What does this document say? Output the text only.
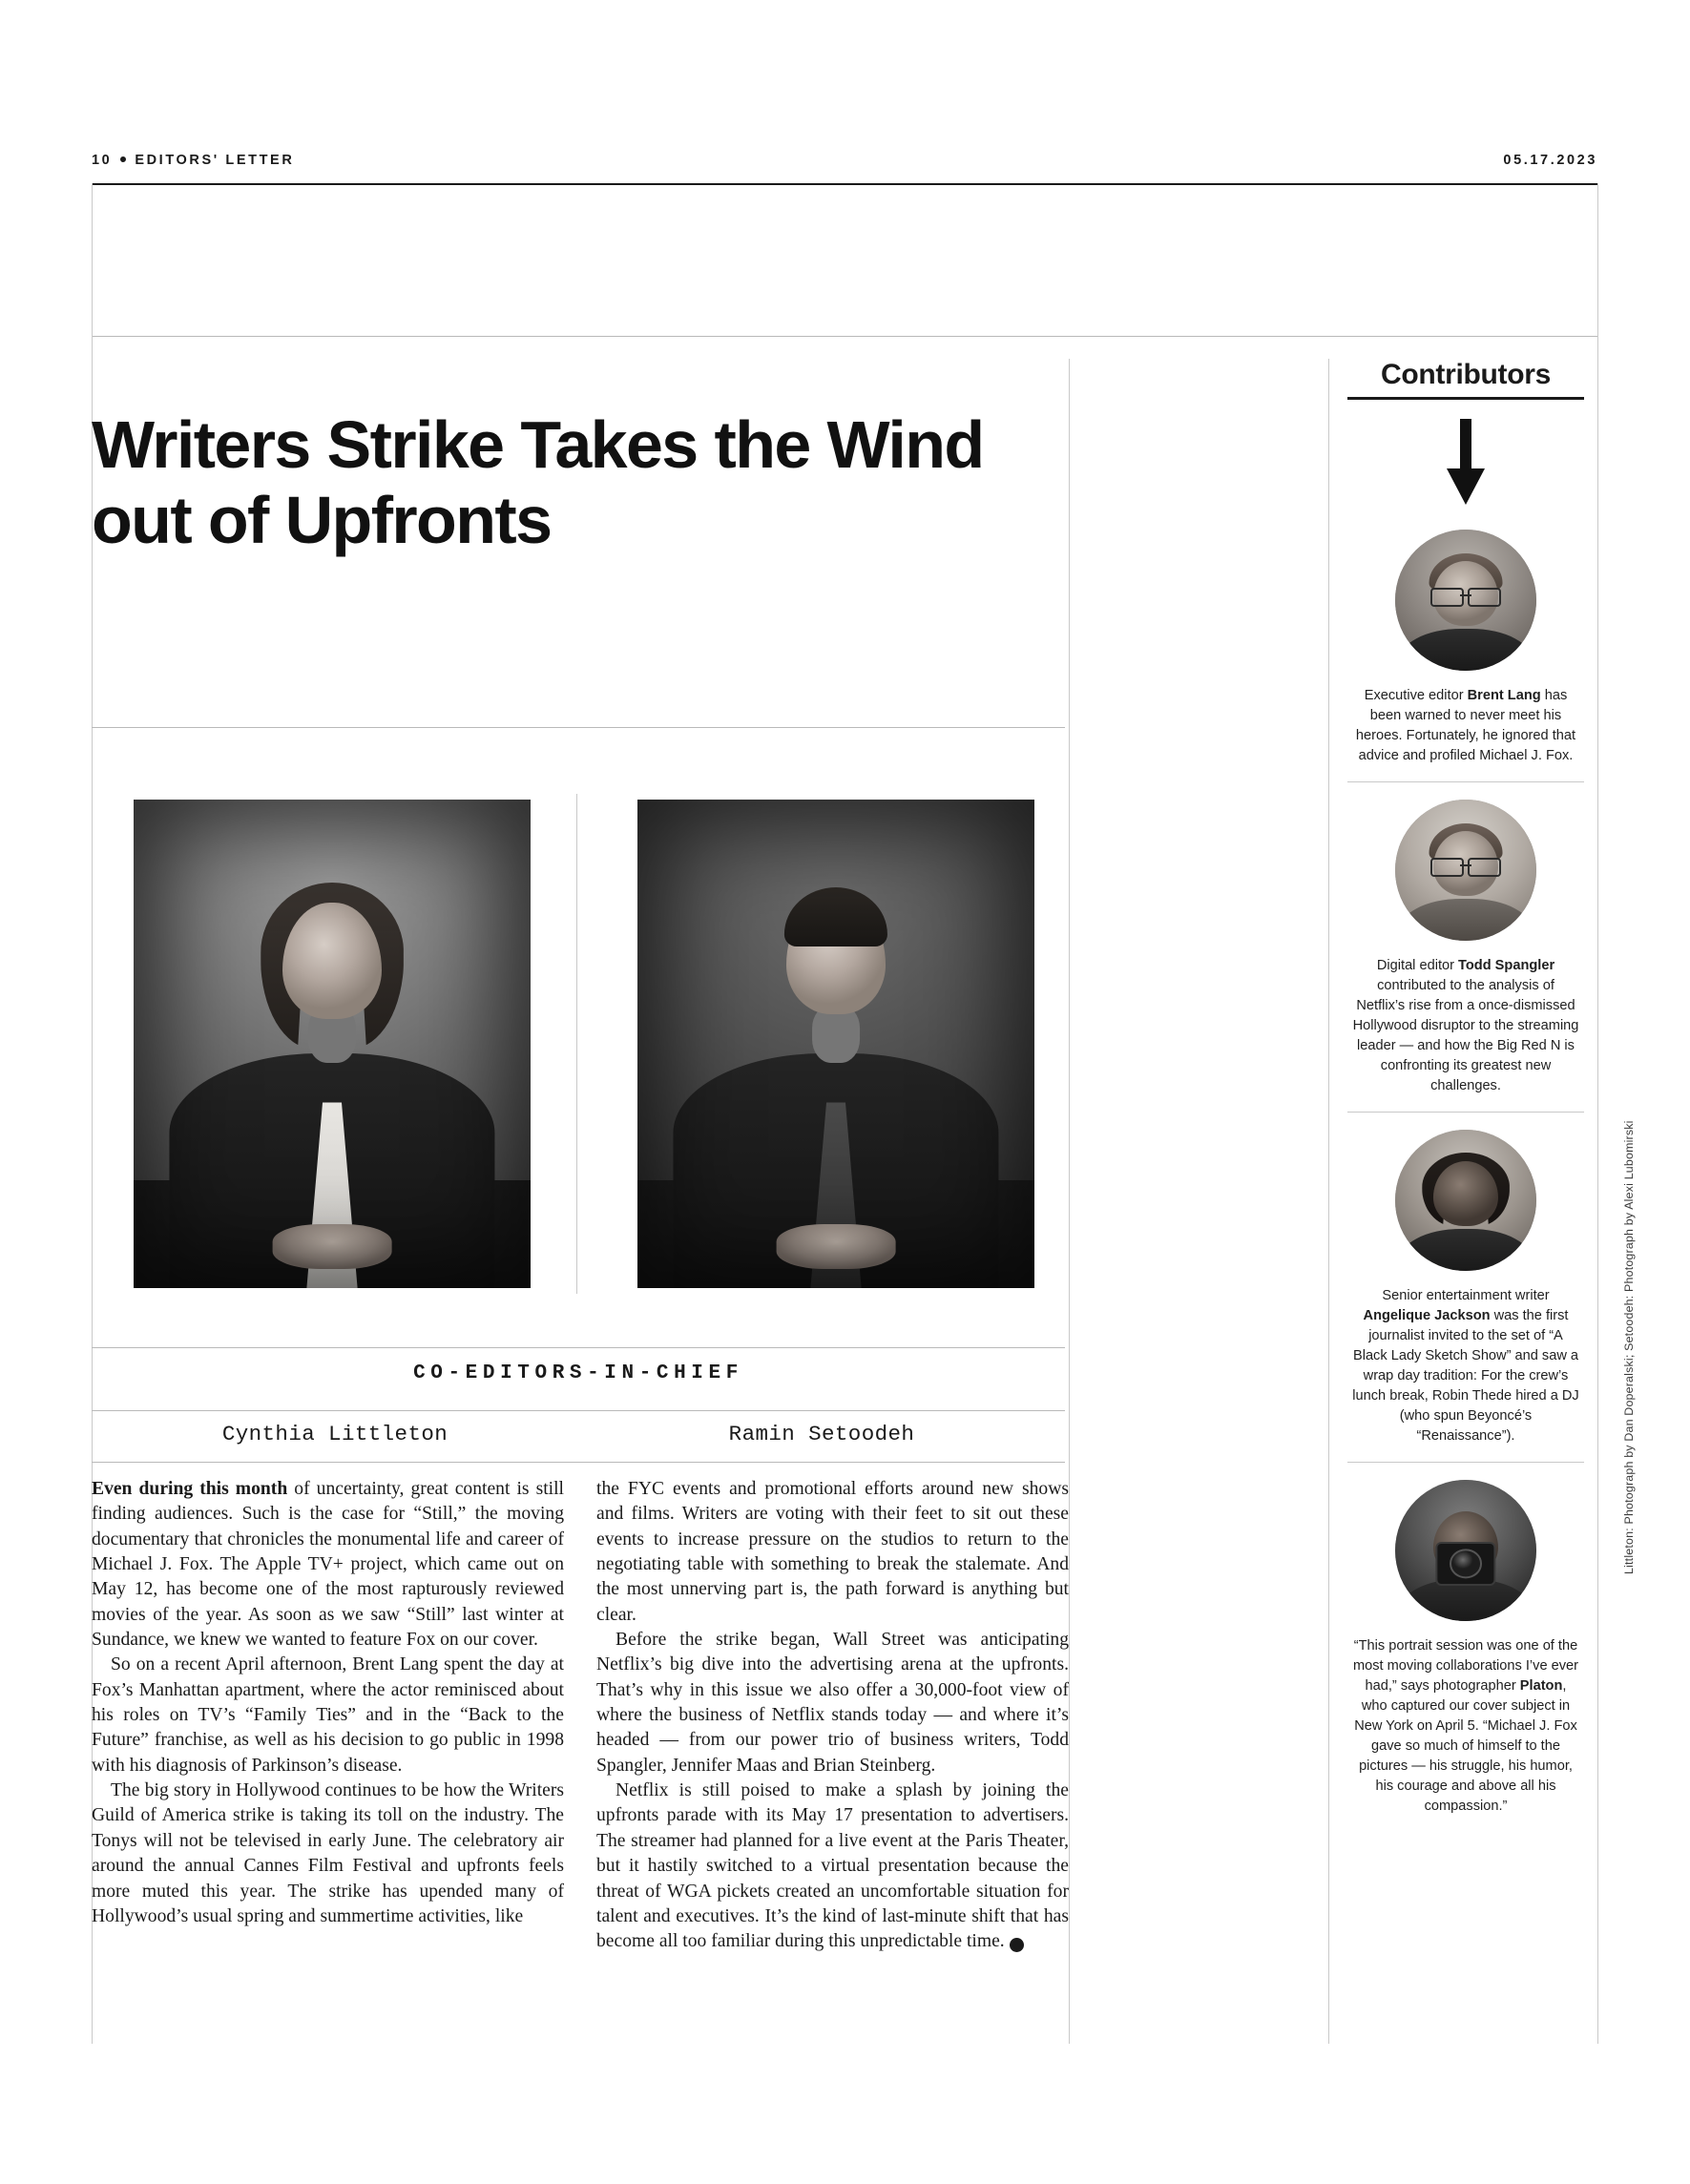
10 EDITORS' LETTER	05.17.2023
Writers Strike Takes the Wind out of Upfronts
CO-EDITORS-IN-CHIEF
Cynthia Littleton	Ramin Setoodeh

Even during this month of uncertainty, great content is still finding audiences. Such is the case for “Still,” the moving documentary that chronicles the monumental life and career of Michael J. Fox. The Apple TV+ project, which came out on May 12, has become one of the most rapturously reviewed movies of the year. As soon as we saw “Still” last winter at Sundance, we knew we wanted to feature Fox on our cover.

So on a recent April afternoon, Brent Lang spent the day at Fox’s Manhattan apartment, where the actor reminisced about his roles on TV’s “Family Ties” and in the “Back to the Future” franchise, as well as his decision to go public in 1998 with his diagnosis of Parkinson’s disease.

The big story in Hollywood continues to be how the Writers Guild of America strike is taking its toll on the industry. The Tonys will not be televised in early June. The celebratory air around the annual Cannes Film Festival and upfronts feels more muted this year. The strike has upended many of Hollywood’s usual spring and summertime activities, like

the FYC events and promotional efforts around new shows and films. Writers are voting with their feet to sit out these events to increase pressure on the studios to return to the negotiating table with something to break the stalemate. And the most unnerving part is, the path forward is anything but clear.

Before the strike began, Wall Street was anticipating Netflix’s big dive into the advertising arena at the upfronts. That’s why in this issue we also offer a 30,000-foot view of where the business of Netflix stands today — and where it’s headed — from our power trio of business writers, Todd Spangler, Jennifer Maas and Brian Steinberg.

Netflix is still poised to make a splash by joining the upfronts parade with its May 17 presentation to advertisers. The streamer had planned for a live event at the Paris Theater, but it hastily switched to a virtual presentation because the threat of WGA pickets created an uncomfortable situation for talent and executives. It’s the kind of last-minute shift that has become all too familiar during this unpredictable time. V

Contributors
Executive editor Brent Lang has been warned to never meet his heroes. Fortunately, he ignored that advice and profiled Michael J. Fox.
Digital editor Todd Spangler contributed to the analysis of Netflix’s rise from a once-dismissed Hollywood disruptor to the streaming leader — and how the Big Red N is confronting its greatest new challenges.
Senior entertainment writer Angelique Jackson was the first journalist invited to the set of “A Black Lady Sketch Show” and saw a wrap day tradition: For the crew’s lunch break, Robin Thede hired a DJ (who spun Beyoncé’s “Renaissance”).
“This portrait session was one of the most moving collaborations I’ve ever had,” says photographer Platon, who captured our cover subject in New York on April 5. “Michael J. Fox gave so much of himself to the pictures — his struggle, his humor, his courage and above all his compassion.”
Littleton: Photograph by Dan Doperalski; Setoodeh: Photograph by Alexi Lubomirski
